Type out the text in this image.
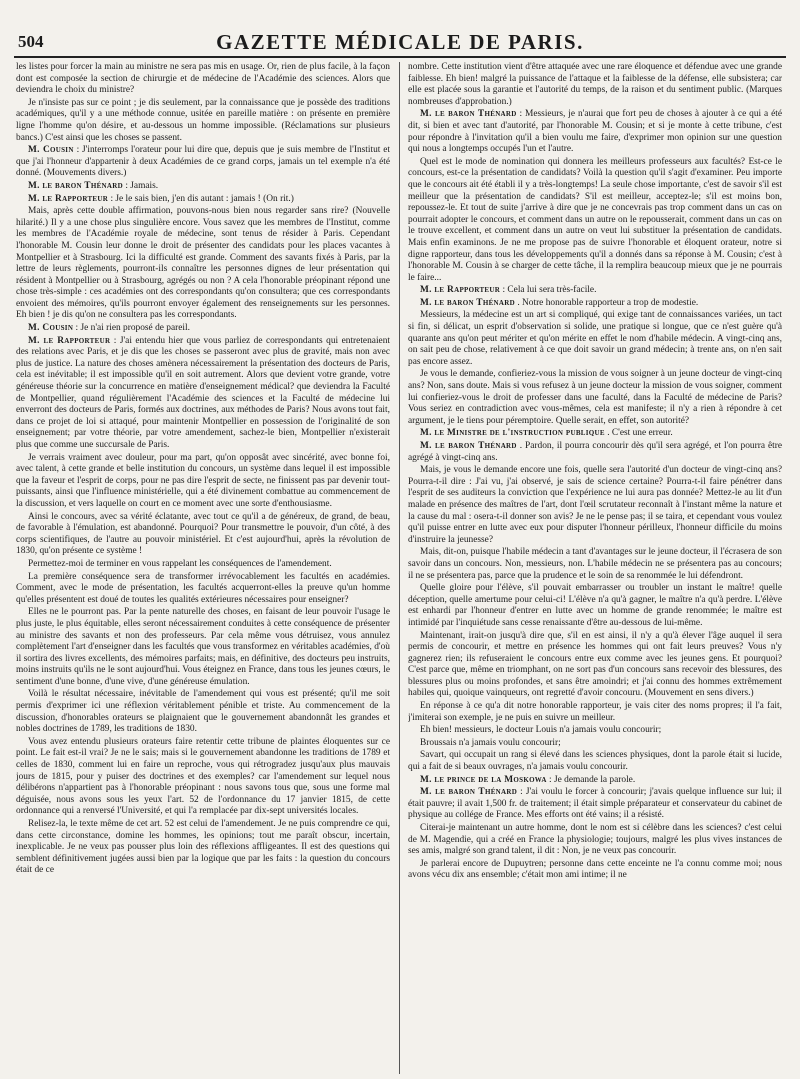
504	GAZETTE MÉDICALE DE PARIS.

les listes pour forcer la main au ministre ne sera pas mis en usage. Or, rien de plus facile, à la façon dont est composée la section de chirurgie et de médecine de l'Académie des sciences. Alors que deviendra le choix du ministre?

Je n'insiste pas sur ce point ; je dis seulement, par la connaissance que je possède des traditions académiques, qu'il y a une méthode connue, usitée en pareille matière : on présente en première ligne l'homme qu'on désire, et au-dessous un homme impossible. (Réclamations sur plusieurs bancs.) C'est ainsi que les choses se passent.

M. Cousin : J'interromps l'orateur pour lui dire que, depuis que je suis membre de l'Institut et que j'ai l'honneur d'appartenir à deux Académies de ce grand corps, jamais un tel exemple n'a été donné. (Mouvements divers.)

M. le baron Thénard : Jamais.

M. le Rapporteur : Je le sais bien, j'en dis autant : jamais ! (On rit.)

Mais, après cette double affirmation, pouvons-nous bien nous regarder sans rire? (Nouvelle hilarité.) Il y a une chose plus singulière encore. Vous savez que les membres de l'Institut, comme les membres de l'Académie royale de médecine, sont tenus de résider à Paris. Cependant l'honorable M. Cousin leur donne le droit de présenter des candidats pour les places vacantes à Montpellier et à Strasbourg. Ici la difficulté est grande. Comment des savants fixés à Paris, par la lettre de leurs règlements, pourront-ils connaître les personnes dignes de leur présentation qui résident à Montpellier ou à Strasbourg, agrégés ou non ? A cela l'honorable préopinant répond une chose très-simple : ces académies ont des correspondants qu'on consultera; que ces correspondants envoient des mémoires, qu'ils pourront envoyer également des renseignements sur les personnes. Eh bien ! je dis qu'on ne consultera pas les correspondants.

M. Cousin : Je n'ai rien proposé de pareil.

M. le Rapporteur : J'ai entendu hier que vous parliez de correspondants qui entretenaient des relations avec Paris, et je dis que les choses se passeront avec plus de gravité, mais non avec plus de justice. La nature des choses amènera nécessairement la présentation des docteurs de Paris, cela est inévitable; il est impossible qu'il en soit autrement. Alors que devient votre grande, votre généreuse théorie sur la concurrence en matière d'enseignement médical? que deviendra la Faculté de Montpellier, quand régulièrement l'Académie des sciences et la Faculté de médecine lui enverront des docteurs de Paris, formés aux doctrines, aux méthodes de Paris? Nous avons tout fait, dans ce projet de loi si attaqué, pour maintenir Montpellier en possession de l'originalité de son enseignement; par votre théorie, par votre amendement, sachez-le bien, Montpellier n'existerait plus que comme une succursale de Paris.

Je verrais vraiment avec douleur, pour ma part, qu'on opposât avec sincérité, avec bonne foi, avec talent, à cette grande et belle institution du concours, un système dans lequel il est impossible que la faveur et l'esprit de corps, pour ne pas dire l'esprit de secte, ne finissent pas par devenir tout-puissants, ainsi que l'influence ministérielle, qui a été divinement combattue au commencement de la discussion, et vers laquelle on court en ce moment avec une sorte d'enthousiasme.

Ainsi le concours, avec sa vérité éclatante, avec tout ce qu'il a de généreux, de grand, de beau, de favorable à l'émulation, est abandonné. Pourquoi? Pour transmettre le pouvoir, d'un côté, à des corps scientifiques, de l'autre au pouvoir ministériel. Et c'est aujourd'hui, après la révolution de 1830, qu'on présente ce système !

Permettez-moi de terminer en vous rappelant les conséquences de l'amendement.

La première conséquence sera de transformer irrévocablement les facultés en académies. Comment, avec le mode de présentation, les facultés acquerront-elles la preuve qu'un homme qu'elles présentent est doué de toutes les qualités extérieures nécessaires pour enseigner?

Elles ne le pourront pas. Par la pente naturelle des choses, en faisant de leur pouvoir l'usage le plus juste, le plus équitable, elles seront nécessairement conduites à cette conséquence de présenter au ministre des savants et non des professeurs. Par cela même vous détruisez, vous annulez complètement l'art d'enseigner dans les facultés que vous transformez en véritables académies, d'où il sortira des livres excellents, des mémoires parfaits; mais, en définitive, des docteurs peu instruits, moins instruits qu'ils ne le sont aujourd'hui. Vous éteignez en France, dans tous les jeunes cœurs, le sentiment d'une bonne, d'une vive, d'une généreuse émulation.

Voilà le résultat nécessaire, inévitable de l'amendement qui vous est présenté; qu'il me soit permis d'exprimer ici une réflexion véritablement pénible et triste. Au commencement de la discussion, d'honorables orateurs se plaignaient que le gouvernement abandonnât les grandes et nobles doctrines de 1789, les traditions de 1830.

Vous avez entendu plusieurs orateurs faire retentir cette tribune de plaintes éloquentes sur ce point. Le fait est-il vrai? Je ne le sais; mais si le gouvernement abandonne les traditions de 1789 et celles de 1830, comment lui en faire un reproche, vous qui rétrogradez jusqu'aux plus mauvais jours de 1815, pour y puiser des doctrines et des exemples? car l'amendement sur lequel nous délibérons n'appartient pas à l'honorable préopinant : nous savons tous que, sous une forme mal déguisée, nous avons sous les yeux l'art. 52 de l'ordonnance du 17 janvier 1815, de cette ordonnance qui a renversé l'Université, et qui l'a remplacée par dix-sept universités locales.

Relisez-la, le texte même de cet art. 52 est celui de l'amendement. Je ne puis comprendre ce qui, dans cette circonstance, domine les hommes, les opinions; tout me paraît obscur, incertain, inexplicable. Je ne veux pas pousser plus loin des réflexions affligeantes. Il est des questions qui semblent définitivement jugées aussi bien par la logique que par les faits : la question du concours était de ce

nombre. Cette institution vient d'être attaquée avec une rare éloquence et défendue avec une grande faiblesse. Eh bien! malgré la puissance de l'attaque et la faiblesse de la défense, elle subsistera; car elle est placée sous la garantie et l'autorité du temps, de la raison et du sentiment public. (Marques nombreuses d'approbation.)

M. le baron Thénard : Messieurs, je n'aurai que fort peu de choses à ajouter à ce qui a été dit, si bien et avec tant d'autorité, par l'honorable M. Cousin; et si je monte à cette tribune, c'est pour répondre à l'invitation qu'il a bien voulu me faire, d'exprimer mon opinion sur une question qui nous a longtemps occupés l'un et l'autre.

Quel est le mode de nomination qui donnera les meilleurs professeurs aux facultés? Est-ce le concours, est-ce la présentation de candidats? Voilà la question qu'il s'agit d'examiner. Peu importe que le concours ait été établi il y a très-longtemps! La seule chose importante, c'est de savoir s'il est meilleur que la présentation de candidats? S'il est meilleur, acceptez-le; s'il est moins bon, repoussez-le. Et tout de suite j'arrive à dire que je ne concevrais pas trop comment dans un cas on pourrait adopter le concours, et comment dans un autre on le repousserait, comment dans un cas on le trouve excellent, et comment dans un autre on veut lui substituer la présentation de candidats. Mais enfin examinons. Je ne me propose pas de suivre l'honorable et éloquent orateur, notre si digne rapporteur, dans tous les développements qu'il a donnés dans sa réponse à M. Cousin; c'est à l'honorable M. Cousin à se charger de cette tâche, il la remplira beaucoup mieux que je ne pourrais le faire...

M. le Rapporteur : Cela lui sera très-facile.

M. le baron Thénard . Notre honorable rapporteur a trop de modestie.

Messieurs, la médecine est un art si compliqué, qui exige tant de connaissances variées, un tact si fin, si délicat, un esprit d'observation si solide, une pratique si longue, que ce n'est guère qu'à quarante ans qu'on peut mériter et qu'on mérite en effet le nom d'habile médecin. A vingt-cinq ans, on sait peu de chose, relativement à ce que doit savoir un grand médecin; à trente ans, on n'en sait pas encore assez.

Je vous le demande, confieriez-vous la mission de vous soigner à un jeune docteur de vingt-cinq ans? Non, sans doute. Mais si vous refusez à un jeune docteur la mission de vous soigner, comment lui confieriez-vous le droit de professer dans une faculté, dans la Faculté de médecine de Paris? Vous seriez en contradiction avec vous-mêmes, cela est manifeste; il n'y a rien à répondre à cet argument, je le tiens pour péremptoire. Quelle serait, en effet, son autorité?

M. le Ministre de l'instruction publique . C'est une erreur.

M. le baron Thénard . Pardon, il pourra concourir dès qu'il sera agrégé, et l'on pourra être agrégé à vingt-cinq ans.

Mais, je vous le demande encore une fois, quelle sera l'autorité d'un docteur de vingt-cinq ans? Pourra-t-il dire : J'ai vu, j'ai observé, je sais de science certaine? Pourra-t-il faire pénétrer dans l'esprit de ses auditeurs la conviction que l'expérience ne lui aura pas donnée? Mettez-le au lit d'un malade en présence des maîtres de l'art, dont l'œil scrutateur reconnaît à l'instant même la nature et la cause du mal : osera-t-il donner son avis? Je ne le pense pas; il se taira, et cependant vous voulez qu'il puisse entrer en lutte avec eux pour disputer l'honneur périlleux, l'honneur difficile du moins d'instruire la jeunesse?

Mais, dit-on, puisque l'habile médecin a tant d'avantages sur le jeune docteur, il l'écrasera de son savoir dans un concours. Non, messieurs, non. L'habile médecin ne se présentera pas au concours; il ne se présentera pas, parce que la prudence et le soin de sa renommée le lui défendront.

Quelle gloire pour l'élève, s'il pouvait embarrasser ou troubler un instant le maître! quelle déception, quelle amertume pour celui-ci! L'élève n'a qu'à gagner, le maître n'a qu'à perdre. L'élève est enhardi par l'honneur d'entrer en lutte avec un homme de grande renommée; le maître est intimidé par l'inquiétude sans cesse renaissante d'être au-dessous de lui-même.

Maintenant, irait-on jusqu'à dire que, s'il en est ainsi, il n'y a qu'à élever l'âge auquel il sera permis de concourir, et mettre en présence les hommes qui ont fait leurs preuves? Vous n'y gagnerez rien; ils refuseraient le concours entre eux comme avec les jeunes gens. Et pourquoi? C'est parce que, même en triomphant, on ne sort pas d'un concours sans recevoir des blessures, des blessures plus ou moins profondes, et sans être amoindri; et j'ai connu des hommes extrêmement habiles qui, quoique vainqueurs, ont regretté d'avoir concouru. (Mouvement en sens divers.)

En réponse à ce qu'a dit notre honorable rapporteur, je vais citer des noms propres; il l'a fait, j'imiterai son exemple, je ne puis en suivre un meilleur.

Eh bien! messieurs, le docteur Louis n'a jamais voulu concourir;

Broussais n'a jamais voulu concourir;

Savart, qui occupait un rang si élevé dans les sciences physiques, dont la parole était si lucide, qui a fait de si beaux ouvrages, n'a jamais voulu concourir.

M. le prince de la Moskowa : Je demande la parole.

M. le baron Thénard : J'ai voulu le forcer à concourir; j'avais quelque influence sur lui; il était pauvre; il avait 1,500 fr. de traitement; il était simple préparateur et conservateur du cabinet de physique au collége de France. Mes efforts ont été vains; il a résisté.

Citerai-je maintenant un autre homme, dont le nom est si célèbre dans les sciences? c'est celui de M. Magendie, qui a créé en France la physiologie; toujours, malgré les plus vives instances de ses amis, malgré son grand talent, il dit : Non, je ne veux pas concourir.

Je parlerai encore de Dupuytren; personne dans cette enceinte ne l'a connu comme moi; nous avons vécu dix ans ensemble; c'était mon ami intime; il ne
